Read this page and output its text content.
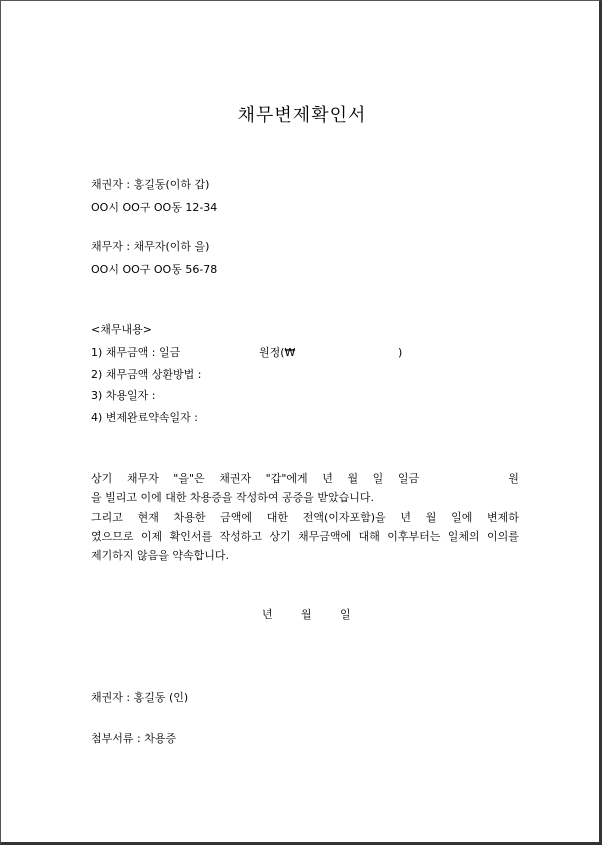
채무변제확인서
채권자 : 홍길동(이하 갑)
OO시 OO구 OO동 12-34
채무자 : 채무자(이하 을)
OO시 OO구 OO동 56-78
<채무내용>
1) 채무금액 : 일금	원정(₩	)
2) 채무금액 상환방법 :
3) 차용일자 :
4) 변제완료약속일자 :
상기 채무자 "을"은 채권자 "갑"에게 년 월 일 일금	원
을 빌리고 이에 대한 차용증을 작성하여 공증을 받았습니다.
그리고 현재 차용한 금액에 대한 전액(이자포함)을 년 월 일에 변제하
였으므로 이제 확인서를 작성하고 상기 채무금액에 대해 이후부터는 일체의 이의를
제기하지 않음을 약속합니다.
년	월	일
채권자 : 홍길동 (인)
첨부서류 : 차용증
